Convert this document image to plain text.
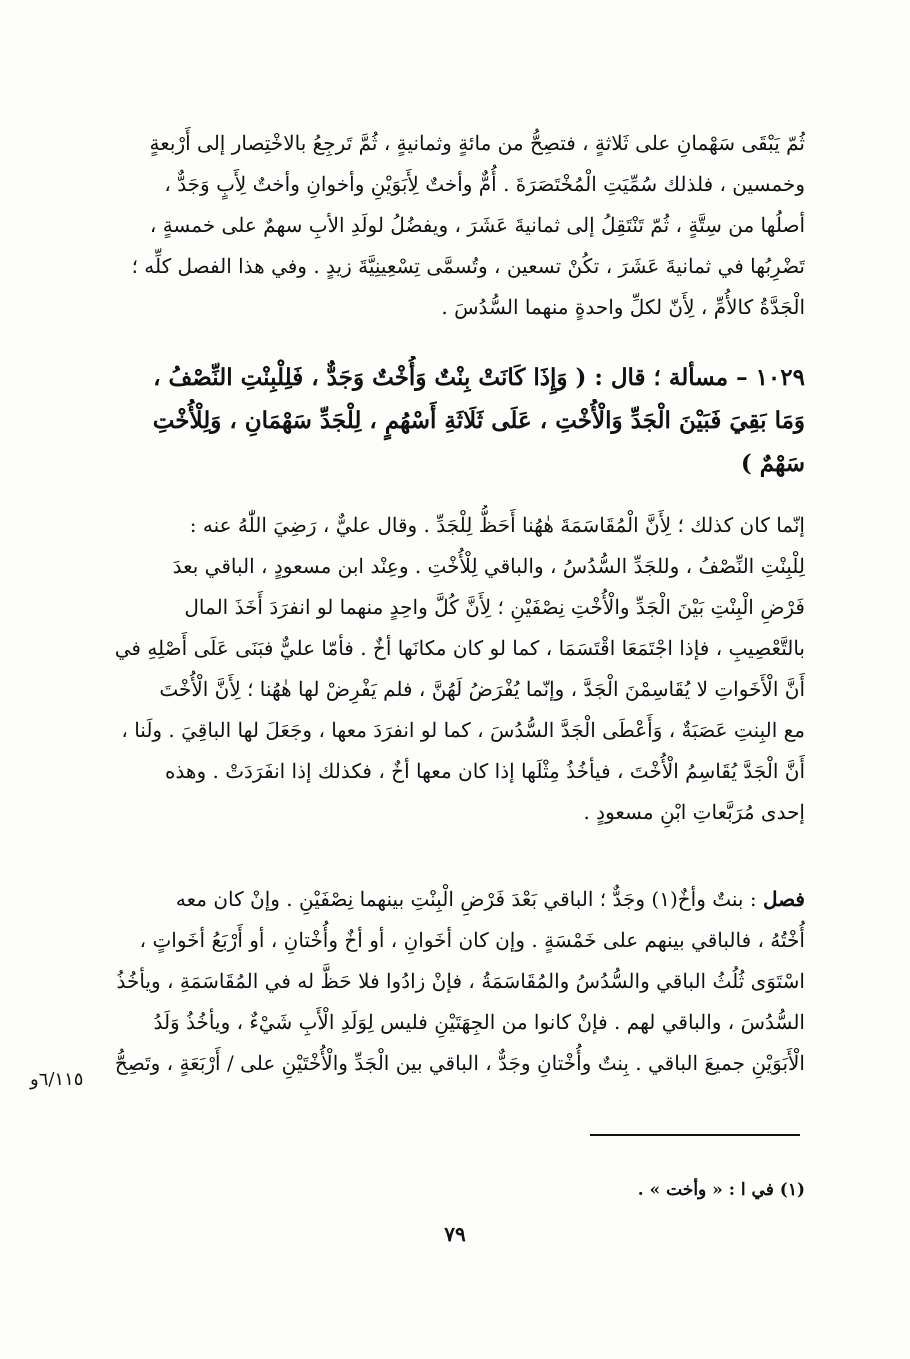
ثُمّ يَبْقَى سَهْمانِ على ثَلاثةٍ ، فتصِحُّ من مائةٍ وثمانيةٍ ، ثُمَّ تَرجِعُ بالاخْتِصار إلى أَرْبعةٍ
وخمسين ، فلذلك سُمِّيَتِ الْمُخْتَصَرَةَ . أُمٌّ وأختٌ لِأَبَوَيْنِ وأخوانِ وأختٌ لِأَبٍ وَجَدٌّ ،
أصلُها من سِتَّةٍ ، ثُمّ تَنْتَقِلُ إلى ثمانيةَ عَشَرَ ، ويفضُلُ لولَدِ الأبِ سهمٌ على خمسةٍ ،
تَضْرِبُها في ثمانيةَ عَشَرَ ، تكُنْ تسعين ، وتُسمَّى تِسْعِينِيَّةَ زيدٍ . وفي هذا الفصل كلِّه ؛
الْجَدَّةُ كالأُمِّ ، لِأَنّ لكلِّ واحدةٍ منهما السُّدُسَ .
١٠٢٩ – مسألة ؛ قال : ( وَإِذَا كَانَتْ بِنْتٌ وَأُخْتٌ وَجَدٌّ ، فَلِلْبِنْتِ النِّصْفُ ،
وَمَا بَقِيَ فَبَيْنَ الْجَدِّ وَالْأُخْتِ ، عَلَى ثَلَاثَةِ أَسْهُمٍ ، لِلْجَدِّ سَهْمَانِ ، وَلِلْأُخْتِ
سَهْمٌ )
إنّما كان كذلك ؛ لِأَنَّ الْمُقَاسَمَةَ هٰهُنا أَحَظُّ لِلْجَدِّ . وقال عليٌّ ، رَضِيَ اللّٰهُ عنه :
لِلْبِنْتِ النِّصْفُ ، وللجَدِّ السُّدُسُ ، والباقي لِلْأُخْتِ . وعِنْد ابن مسعودٍ ، الباقي بعدَ
فَرْضِ الْبِنْتِ بَيْنَ الْجَدِّ والْأُخْتِ نِصْفَيْنِ ؛ لِأَنَّ كُلَّ واحِدٍ منهما لو انفرَدَ أَخَذَ المال
بالتَّعْصِيبِ ، فإذا اجْتَمَعَا اقْتَسَمَا ، كما لو كان مكانَها أخٌ . فأمّا عليٌّ فبَنَى عَلَى أَصْلِهِ في
أَنَّ الْأَخَواتِ لا يُقَاسِمْنَ الْجَدَّ ، وإنّما يُفْرَضُ لَهُنَّ ، فلم يَفْرِضْ لها هٰهُنا ؛ لِأَنَّ الْأُخْتَ
مع البِنتِ عَصَبَةٌ ، وَأَعْطَى الْجَدَّ السُّدُسَ ، كما لو انفرَدَ معها ، وجَعَلَ لها الباقِيَ . ولَنا ،
أَنَّ الْجَدَّ يُقَاسِمُ الْأُخْتَ ، فيأخُذُ مِثْلَها إذا كان معها أخٌ ، فكذلك إذا انفَرَدَتْ . وهذه
إحدى مُرَبَّعاتِ ابْنِ مسعودٍ .
فصل : بنتٌ وأخٌ(١) وجَدٌّ ؛ الباقي بَعْدَ فَرْضِ الْبِنْتِ بينهما نِصْفَيْنِ . وإنْ كان معه
أُخْتُهُ ، فالباقي بينهم على خَمْسَةٍ . وإن كان أخَوانِ ، أو أخٌ وأُخْتانِ ، أو أَرْبَعُ أخَواتٍ ،
اسْتَوَى ثُلُثُ الباقي والسُّدُسُ والمُقَاسَمَةُ ، فإنْ زادُوا فلا حَظَّ له في المُقَاسَمَةِ ، ويأخُذُ
السُّدُسَ ، والباقي لهم . فإنْ كانوا من الجِهَتَيْنِ فليس لِوَلَدِ الْأَبِ شَيْءٌ ، ويأخُذُ وَلَدُ
الْأَبَوَيْنِ جميعَ الباقي . بِنتٌ وأُخْتانِ وجَدٌّ ، الباقي بين الْجَدِّ والْأُخْتَيْنِ على / أَرْبَعَةٍ ، وتَصِحُّ
٦/١١٥و
(١) في ا : « وأخت » .
٧٩
